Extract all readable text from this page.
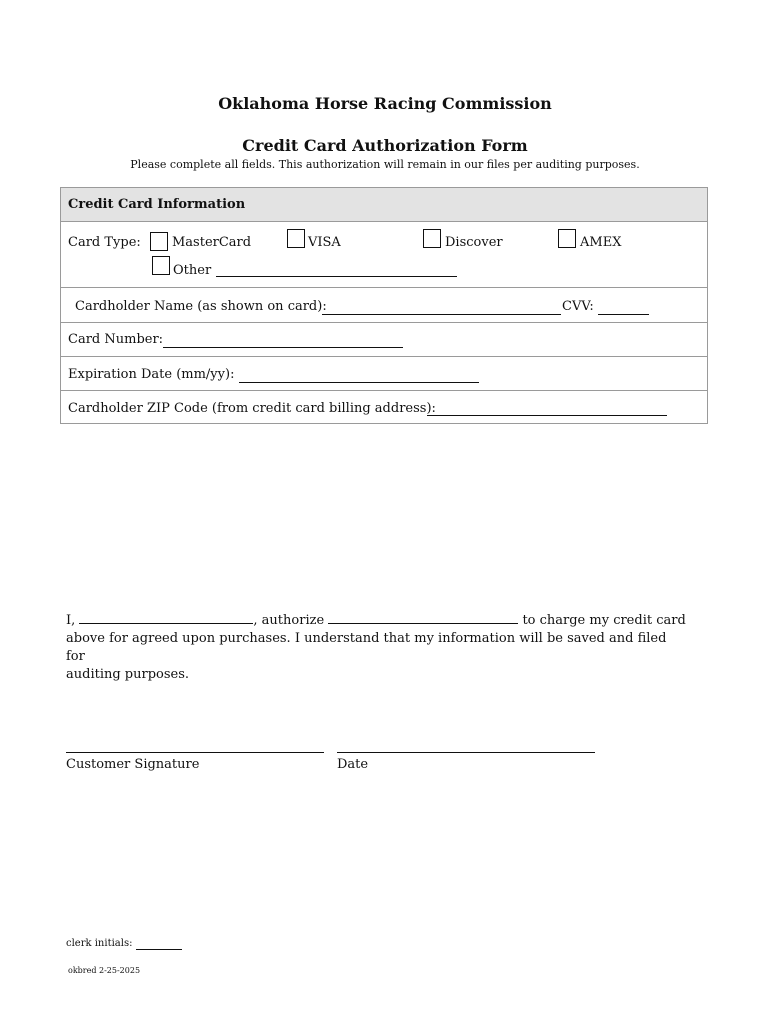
Oklahoma Horse Racing Commission
Credit Card Authorization Form
Please complete all fields. This authorization will remain in our files per auditing purposes.
Credit Card Information
Card Type: MasterCard	VISA	Discover	AMEX
Other
Cardholder Name (as shown on card):	CVV:
Card Number:
Expiration Date (mm/yy):
Cardholder ZIP Code (from credit card billing address):
I,	, authorize	to charge my credit card
above for agreed upon purchases. I understand that my information will be saved and filed for
auditing purposes.
Customer Signature	Date
clerk initials:
okbred 2-25-2025
